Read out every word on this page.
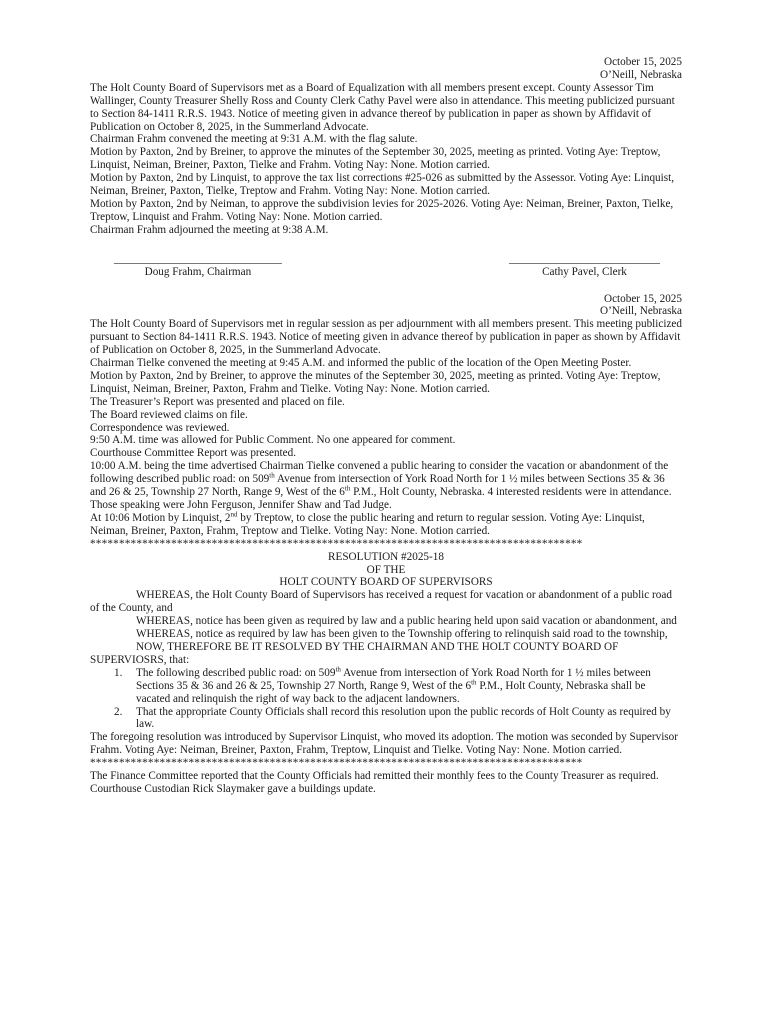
October 15, 2025

O’Neill, Nebraska

The Holt County Board of Supervisors met as a Board of Equalization with all members present except. County Assessor Tim Wallinger, County Treasurer Shelly Ross and County Clerk Cathy Pavel were also in attendance. This meeting publicized pursuant to Section 84-1411 R.R.S. 1943. Notice of meeting given in advance thereof by publication in paper as shown by Affidavit of Publication on October 8, 2025, in the Summerland Advocate.

Chairman Frahm convened the meeting at 9:31 A.M. with the flag salute.

Motion by Paxton, 2nd by Breiner, to approve the minutes of the September 30, 2025, meeting as printed. Voting Aye: Treptow, Linquist, Neiman, Breiner, Paxton, Tielke and Frahm. Voting Nay: None. Motion carried.

Motion by Paxton, 2nd by Linquist, to approve the tax list corrections #25-026 as submitted by the Assessor. Voting Aye: Linquist, Neiman, Breiner, Paxton, Tielke, Treptow and Frahm. Voting Nay: None. Motion carried.

Motion by Paxton, 2nd by Neiman, to approve the subdivision levies for 2025-2026. Voting Aye: Neiman, Breiner, Paxton, Tielke, Treptow, Linquist and Frahm. Voting Nay: None. Motion carried.

Chairman Frahm adjourned the meeting at 9:38 A.M.

______________________________
Doug Frahm, Chairman
___________________________
Cathy Pavel, Clerk

October 15, 2025

O’Neill, Nebraska

The Holt County Board of Supervisors met in regular session as per adjournment with all members present. This meeting publicized pursuant to Section 84-1411 R.R.S. 1943. Notice of meeting given in advance thereof by publication in paper as shown by Affidavit of Publication on October 8, 2025, in the Summerland Advocate.

Chairman Tielke convened the meeting at 9:45 A.M. and informed the public of the location of the Open Meeting Poster.

Motion by Paxton, 2nd by Breiner, to approve the minutes of the September 30, 2025, meeting as printed. Voting Aye: Treptow, Linquist, Neiman, Breiner, Paxton, Frahm and Tielke. Voting Nay: None. Motion carried.

The Treasurer’s Report was presented and placed on file.

The Board reviewed claims on file.

Correspondence was reviewed.

9:50 A.M. time was allowed for Public Comment. No one appeared for comment.

Courthouse Committee Report was presented.

10:00 A.M. being the time advertised Chairman Tielke convened a public hearing to consider the vacation or abandonment of the following described public road: on 509th Avenue from intersection of York Road North for 1 ½ miles between Sections 35 & 36 and 26 & 25, Township 27 North, Range 9, West of the 6th P.M., Holt County, Nebraska. 4 interested residents were in attendance. Those speaking were John Ferguson, Jennifer Shaw and Tad Judge.

At 10:06 Motion by Linquist, 2nd by Treptow, to close the public hearing and return to regular session. Voting Aye: Linquist, Neiman, Breiner, Paxton, Frahm, Treptow and Tielke. Voting Nay: None. Motion carried.

*************************************************************************************

RESOLUTION #2025-18

OF THE

HOLT COUNTY BOARD OF SUPERVISORS

WHEREAS, the Holt County Board of Supervisors has received a request for vacation or abandonment of a public road of the County, and

WHEREAS, notice has been given as required by law and a public hearing held upon said vacation or abandonment, and

WHEREAS, notice as required by law has been given to the Township offering to relinquish said road to the township,

NOW, THEREFORE BE IT RESOLVED BY THE CHAIRMAN AND THE HOLT COUNTY BOARD OF SUPERVIOSRS, that:

1. The following described public road: on 509th Avenue from intersection of York Road North for 1 ½ miles between Sections 35 & 36 and 26 & 25, Township 27 North, Range 9, West of the 6th P.M., Holt County, Nebraska shall be vacated and relinquish the right of way back to the adjacent landowners.
2. That the appropriate County Officials shall record this resolution upon the public records of Holt County as required by law.

The foregoing resolution was introduced by Supervisor Linquist, who moved its adoption. The motion was seconded by Supervisor Frahm. Voting Aye: Neiman, Breiner, Paxton, Frahm, Treptow, Linquist and Tielke. Voting Nay: None. Motion carried.

*************************************************************************************

The Finance Committee reported that the County Officials had remitted their monthly fees to the County Treasurer as required.

Courthouse Custodian Rick Slaymaker gave a buildings update.
